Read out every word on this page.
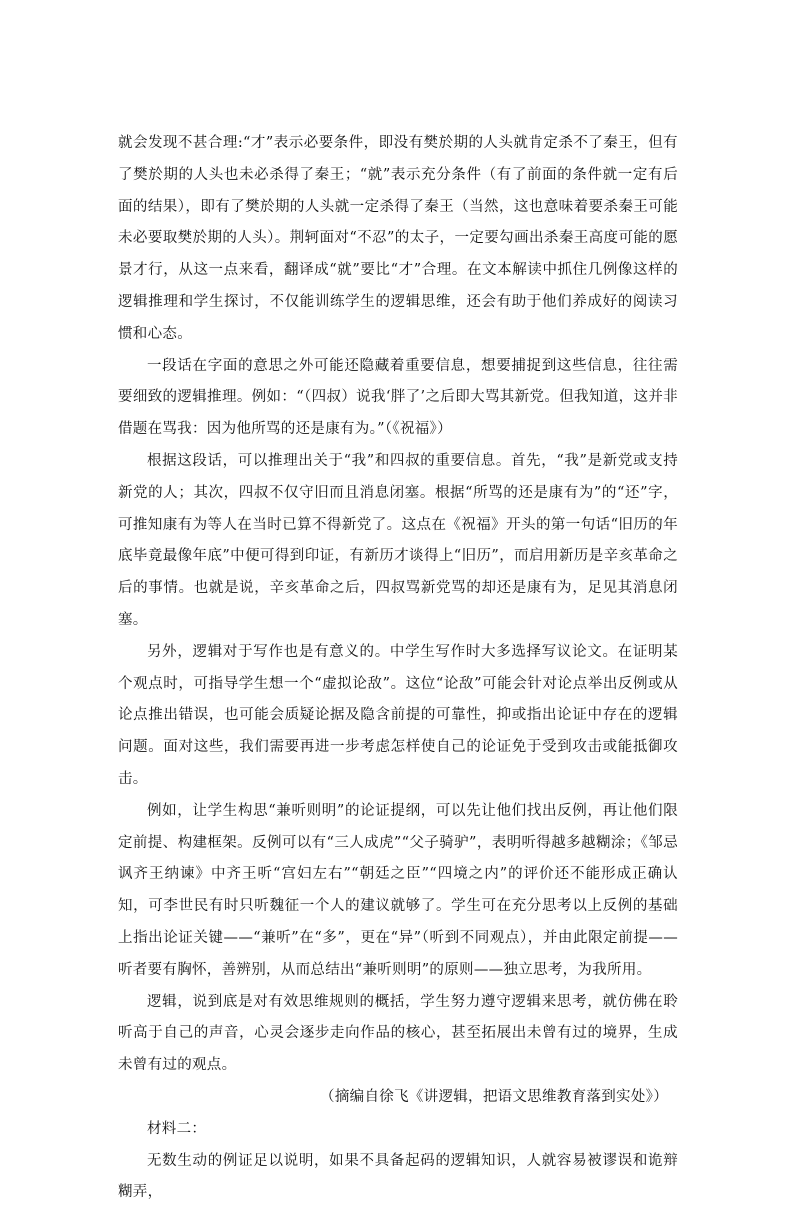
就会发现不甚合理:“才”表示必要条件，即没有樊於期的人头就肯定杀不了秦王，但有了樊於期的人头也未必杀得了秦王；“就”表示充分条件（有了前面的条件就一定有后面的结果），即有了樊於期的人头就一定杀得了秦王（当然，这也意味着要杀秦王可能未必要取樊於期的人头）。荆轲面对“不忍”的太子，一定要勾画出杀秦王高度可能的愿景才行，从这一点来看，翻译成“就”要比“才”合理。在文本解读中抓住几例像这样的逻辑推理和学生探讨，不仅能训练学生的逻辑思维，还会有助于他们养成好的阅读习惯和心态。

一段话在字面的意思之外可能还隐藏着重要信息，想要捕捉到这些信息，往往需要细致的逻辑推理。例如：“（四叔）说我‘胖了’之后即大骂其新党。但我知道，这并非借题在骂我：因为他所骂的还是康有为。”（《祝福》）

根据这段话，可以推理出关于“我”和四叔的重要信息。首先，“我”是新党或支持新党的人；其次，四叔不仅守旧而且消息闭塞。根据“所骂的还是康有为”的“还”字，可推知康有为等人在当时已算不得新党了。这点在《祝福》开头的第一句话“旧历的年底毕竟最像年底”中便可得到印证，有新历才谈得上“旧历”，而启用新历是辛亥革命之后的事情。也就是说，辛亥革命之后，四叔骂新党骂的却还是康有为，足见其消息闭塞。

另外，逻辑对于写作也是有意义的。中学生写作时大多选择写议论文。在证明某个观点时，可指导学生想一个“虚拟论敌”。这位“论敌”可能会针对论点举出反例或从论点推出错误，也可能会质疑论据及隐含前提的可靠性，抑或指出论证中存在的逻辑问题。面对这些，我们需要再进一步考虑怎样使自己的论证免于受到攻击或能抵御攻击。

例如，让学生构思“兼听则明”的论证提纲，可以先让他们找出反例，再让他们限定前提、构建框架。反例可以有“三人成虎”“父子骑驴”，表明听得越多越糊涂；《邹忌讽齐王纳谏》中齐王听“宫妇左右”“朝廷之臣”“四境之内”的评价还不能形成正确认知，可李世民有时只听魏征一个人的建议就够了。学生可在充分思考以上反例的基础上指出论证关键——“兼听”在“多”，更在“异”（听到不同观点），并由此限定前提——听者要有胸怀，善辨别，从而总结出“兼听则明”的原则——独立思考，为我所用。

逻辑，说到底是对有效思维规则的概括，学生努力遵守逻辑来思考，就仿佛在聆听高于自己的声音，心灵会逐步走向作品的核心，甚至拓展出未曾有过的境界，生成未曾有过的观点。

（摘编自徐飞《讲逻辑，把语文思维教育落到实处》）

材料二：

无数生动的例证足以说明，如果不具备起码的逻辑知识，人就容易被谬误和诡辩糊弄，
